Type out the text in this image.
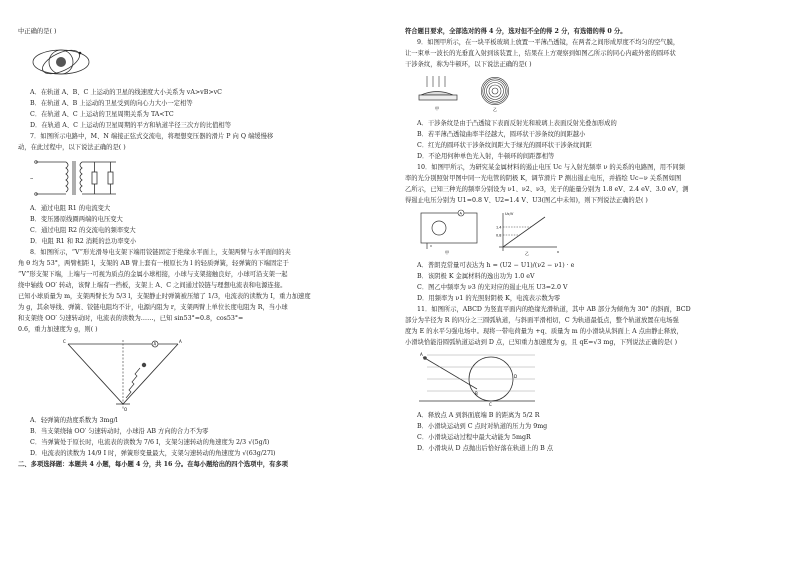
中正确的是( )
A．在轨道 A、B、C 上运动的卫星的线速度大小关系为 vA>vB>vC
B．在轨道 A、B 上运动的卫星受到的向心力大小一定相等
C．在轨道 A、C 上运动的卫星周期关系为 TA<TC
D．在轨道 A、C 上运动的卫星周期的平方和轨道半径三次方的比值相等
7．如图所示电路中，M、N 端接正弦式交流电，将理想变压器的滑片 P 向 Q 端缓慢移
动，在此过程中，以下说法正确的是( )
~
A．通过电阻 R1 的电流变大
B．变压器原线圈两端的电压变大
C．通过电阻 R2 的交流电的频率变大
D．电阻 R1 和 R2 消耗的总功率变小
8．如图所示，“V”形光滑导电支架下端用铰链固定于绝缘水平面上，支架两臂与水平面间的夹
角 θ 均为 53°，两臂相距 l，支架的 AB 臂上套有一根原长为 l 的轻质弹簧，轻弹簧的下端固定于
“V”形支架下端，上端与一可视为质点的金属小球相接，小球与支架接触良好，小球可沿支架一起
绕中轴线 OO′ 转动，该臂上端有一挡板，支架上 A、C 之间通过铰链与理想电流表和电源连接。
已知小球质量为 m，支架两臂长为 5/3 l，支架静止时弹簧被压缩了 1/3，电流表的读数为 I，重力加速度
为 g，其余导线、弹簧、铰链电阻均不计，电源内阻为 r，支架两臂上单位长度电阻为 R，当小球
和支架绕 OO′ 匀速转动时，电流表的读数为……，已知 sin53°=0.8，cos53°=
0.6，重力加速度为 g，则( )
A
C	A
O
A．轻弹簧的劲度系数为 3mg/l
B．当支架绕轴 OO′ 匀速转动时，小球沿 AB 方向的合力不为零
C．当弹簧处于原长时，电流表的读数为 7/6 I，支架匀速转动的角速度为 2/3 √(5g/l)
D．电流表的读数为 14/9 I 时，弹簧形变量最大，支架匀速转动的角速度为 √(63g/27l)
二、多项选择题：本题共 4 小题，每小题 4 分，共 16 分。在每小题给出的四个选项中，有多项
符合题目要求，全部选对的得 4 分，选对但不全的得 2 分，有选错的得 0 分。
9．如图甲所示，在一块平板玻璃上放置一平薄凸透镜，在两者之间形成厚度不均匀的空气膜，
让一束单一波长的光垂直入射到该装置上，结果在上方观察到如图乙所示的同心内疏外密的圆环状
干涉条纹，称为牛顿环，以下说法正确的是( )
甲	乙
A．干涉条纹是由于凸透镜下表面反射光和玻璃上表面反射光叠加形成的
B．若平薄凸透镜曲率半径越大，圆环状干涉条纹的间距越小
C．红光的圆环状干涉条纹间距大于绿光的圆环状干涉条纹间距
D．不论用何种单色光入射，牛顿环的间距都相等
10．如图甲所示，为研究某金属材料的遏止电压 Uc 与入射光频率 ν 的关系的电路图，用不同频
率的光分别照射甲图中同一光电管的阴极 K，调节滑片 P 测出遏止电压，并描绘 Uc−ν 关系图如图
乙所示，已知三种光的频率分别设为 ν1、ν2、ν3，光子的能量分别为 1.8 eV、2.4 eV、3.0 eV，测
得遏止电压分别为 U1=0.8 V、U2=1.4 V、U3(图乙中未知)，则下列说法正确的是( )
A
甲
Uc/V
ν
1.4
0.8
乙
A．普朗克常量可表达为 h = (U2 − U1)/(ν2 − ν1) · e
B．该阴极 K 金属材料的逸出功为 1.0 eV
C．图乙中频率为 ν3 的光对应的遏止电压 U3=2.0 V
D．用频率为 ν1 的光照射阴极 K，电流表示数为零
11．如图所示，ABCD 为竖直平面内的绝缘光滑轨道，其中 AB 部分为倾角为 30° 的斜面，BCD
部分为半径为 R 的四分之三圆弧轨道，与斜面平滑相切，C 为轨道最低点，整个轨道放置在电场强
度为 E 的水平匀强电场中。现将一带电荷量为 +q、质量为 m 的小滑块从斜面上 A 点由静止释放，
小滑块恰能沿圆弧轨道运动到 D 点，已知重力加速度为 g，且 qE=√3 mg，下列说法正确的是( )
A
B
C
D
A．释放点 A 到斜面底端 B 的距离为 5/2 R
B．小滑块运动到 C 点时对轨道的压力为 9mg
C．小滑块运动过程中最大动能为 5mgR
D．小滑块从 D 点抛出后恰好落在轨道上的 B 点
